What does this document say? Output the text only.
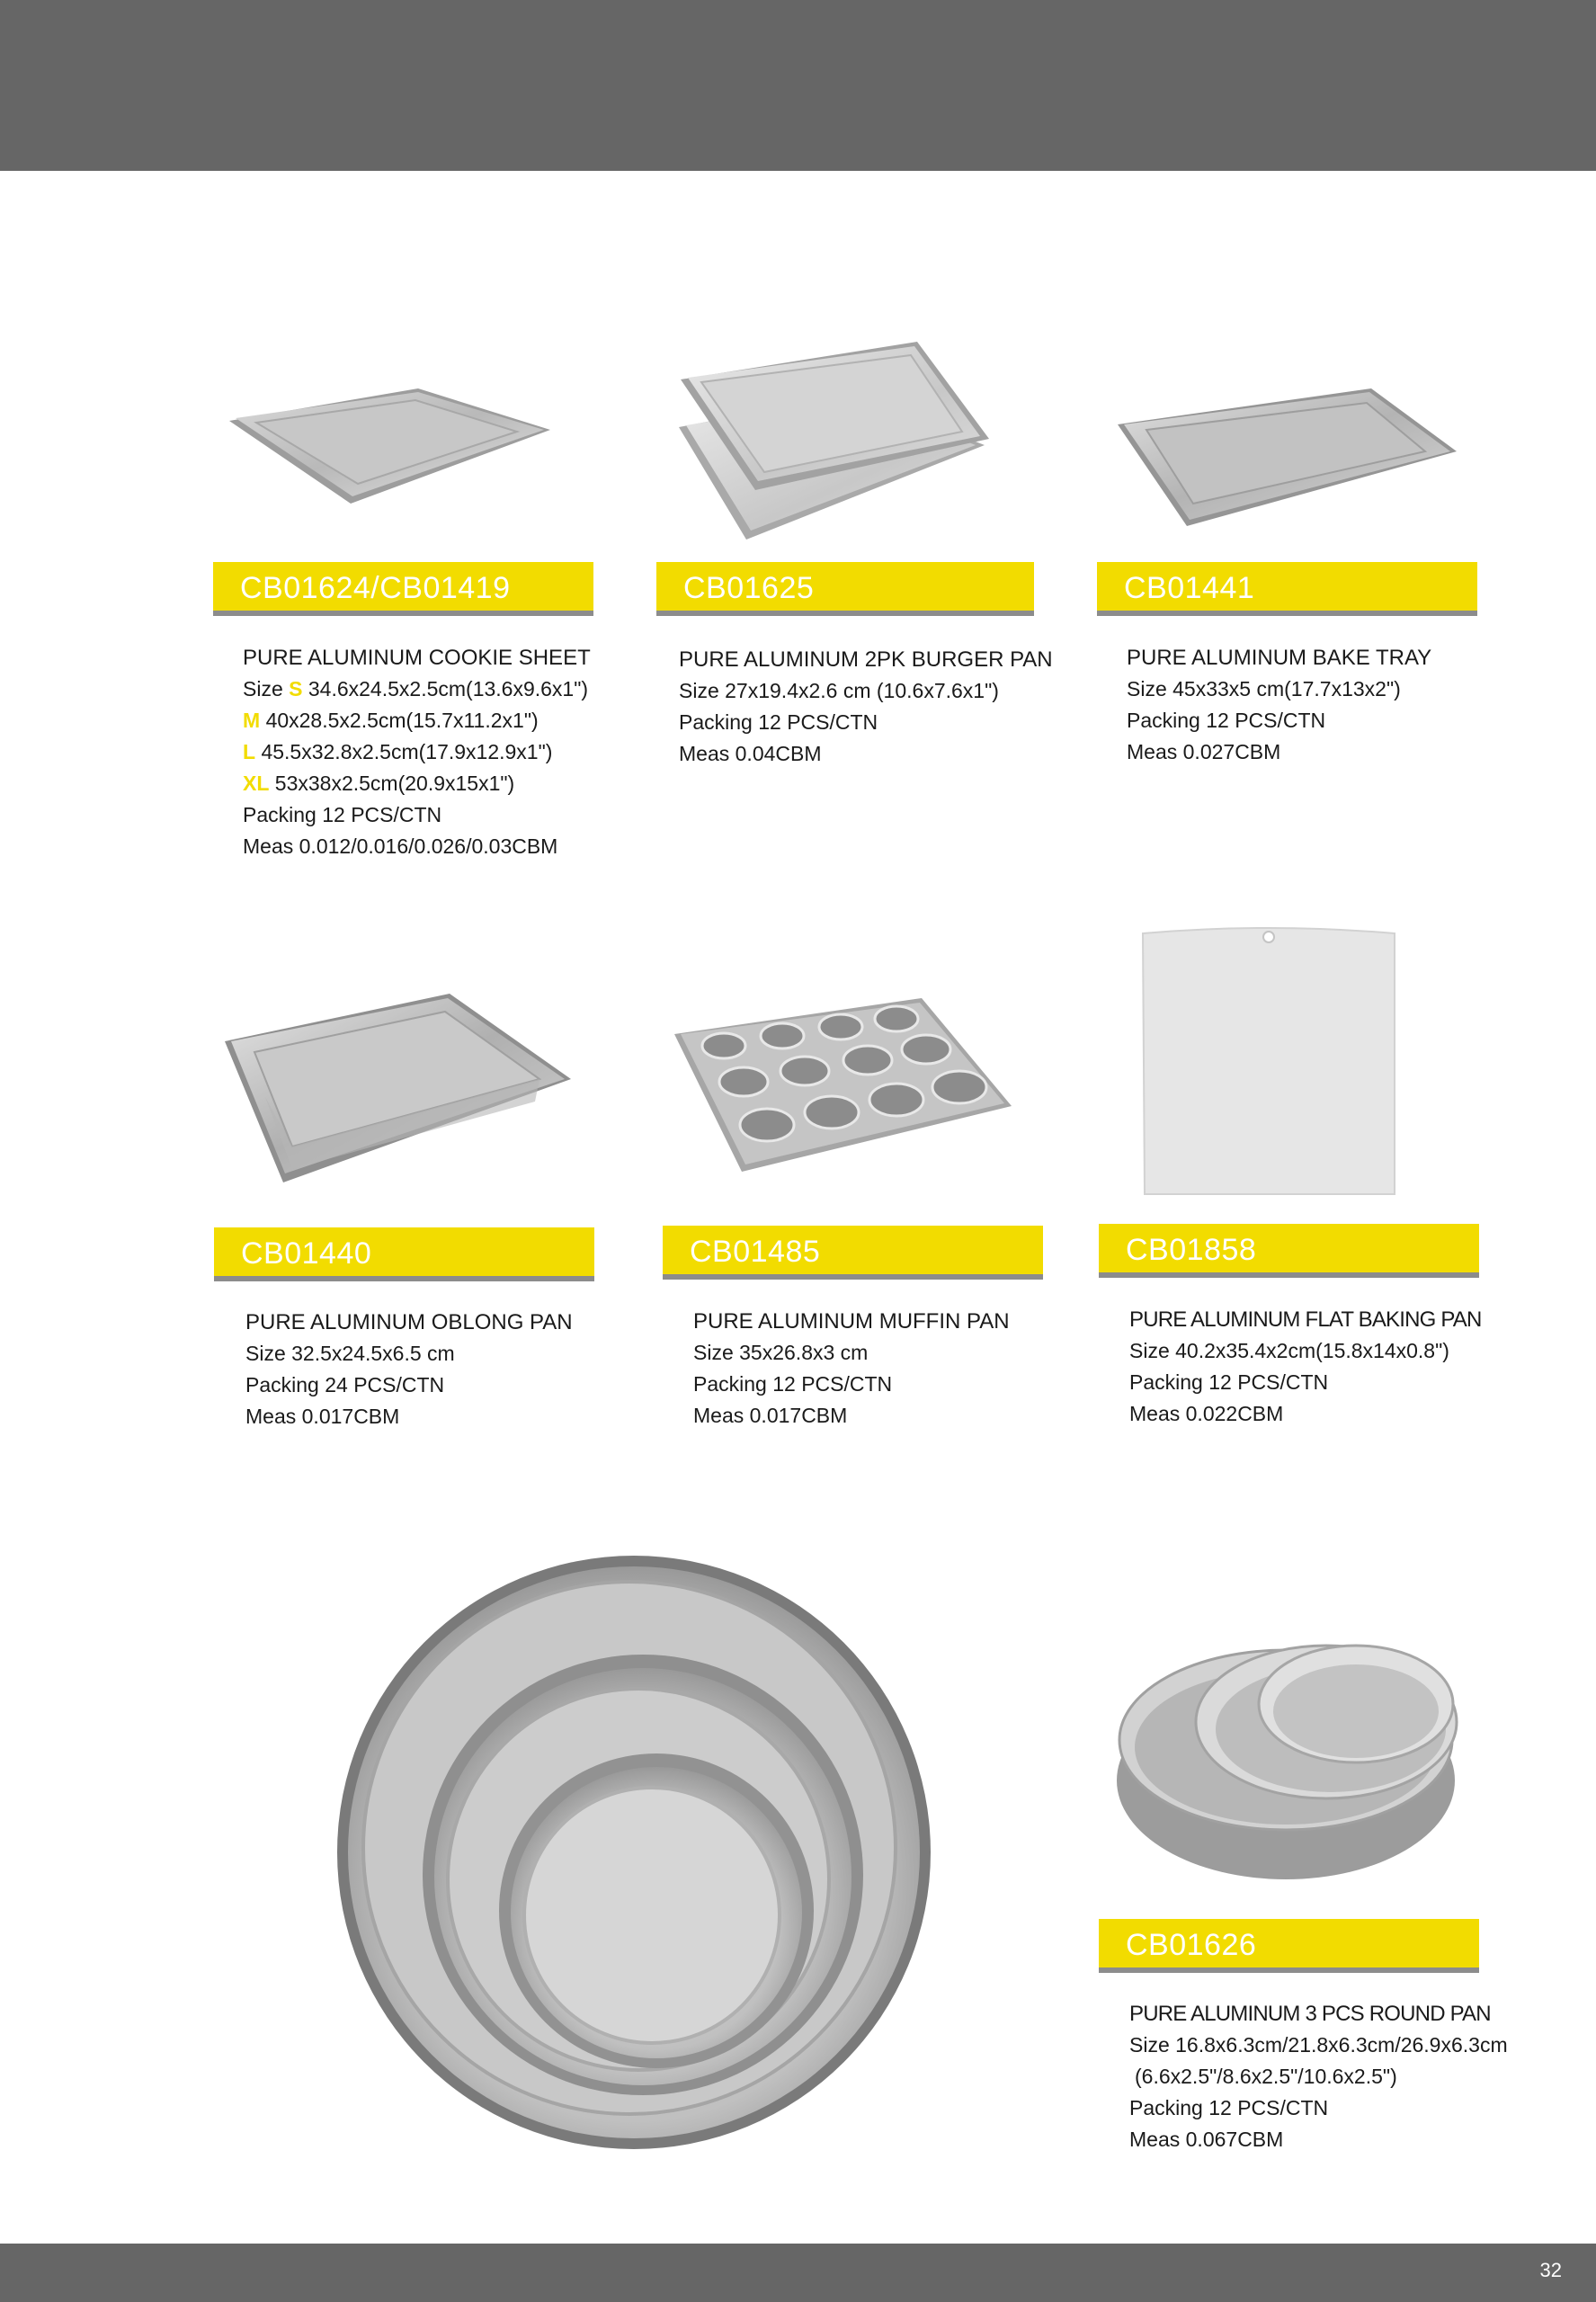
CB01624/CB01419	CB01625	CB01441
PURE ALUMINUM COOKIE SHEET
Size S 34.6x24.5x2.5cm(13.6x9.6x1")
M 40x28.5x2.5cm(15.7x11.2x1")
L 45.5x32.8x2.5cm(17.9x12.9x1")
XL 53x38x2.5cm(20.9x15x1")
Packing 12 PCS/CTN
Meas 0.012/0.016/0.026/0.03CBM
PURE ALUMINUM 2PK BURGER PAN
Size 27x19.4x2.6 cm (10.6x7.6x1")
Packing 12 PCS/CTN
Meas 0.04CBM
PURE ALUMINUM BAKE TRAY
Size 45x33x5 cm(17.7x13x2")
Packing 12 PCS/CTN
Meas 0.027CBM
CB01440	CB01485	CB01858
PURE ALUMINUM OBLONG PAN
Size 32.5x24.5x6.5 cm
Packing 24 PCS/CTN
Meas 0.017CBM
PURE ALUMINUM MUFFIN PAN
Size 35x26.8x3 cm
Packing 12 PCS/CTN
Meas 0.017CBM
PURE ALUMINUM FLAT BAKING PAN
Size 40.2x35.4x2cm(15.8x14x0.8")
Packing 12 PCS/CTN
Meas 0.022CBM
CB01626
PURE ALUMINUM 3 PCS ROUND PAN
Size 16.8x6.3cm/21.8x6.3cm/26.9x6.3cm
(6.6x2.5"/8.6x2.5"/10.6x2.5")
Packing 12 PCS/CTN
Meas 0.067CBM
32
